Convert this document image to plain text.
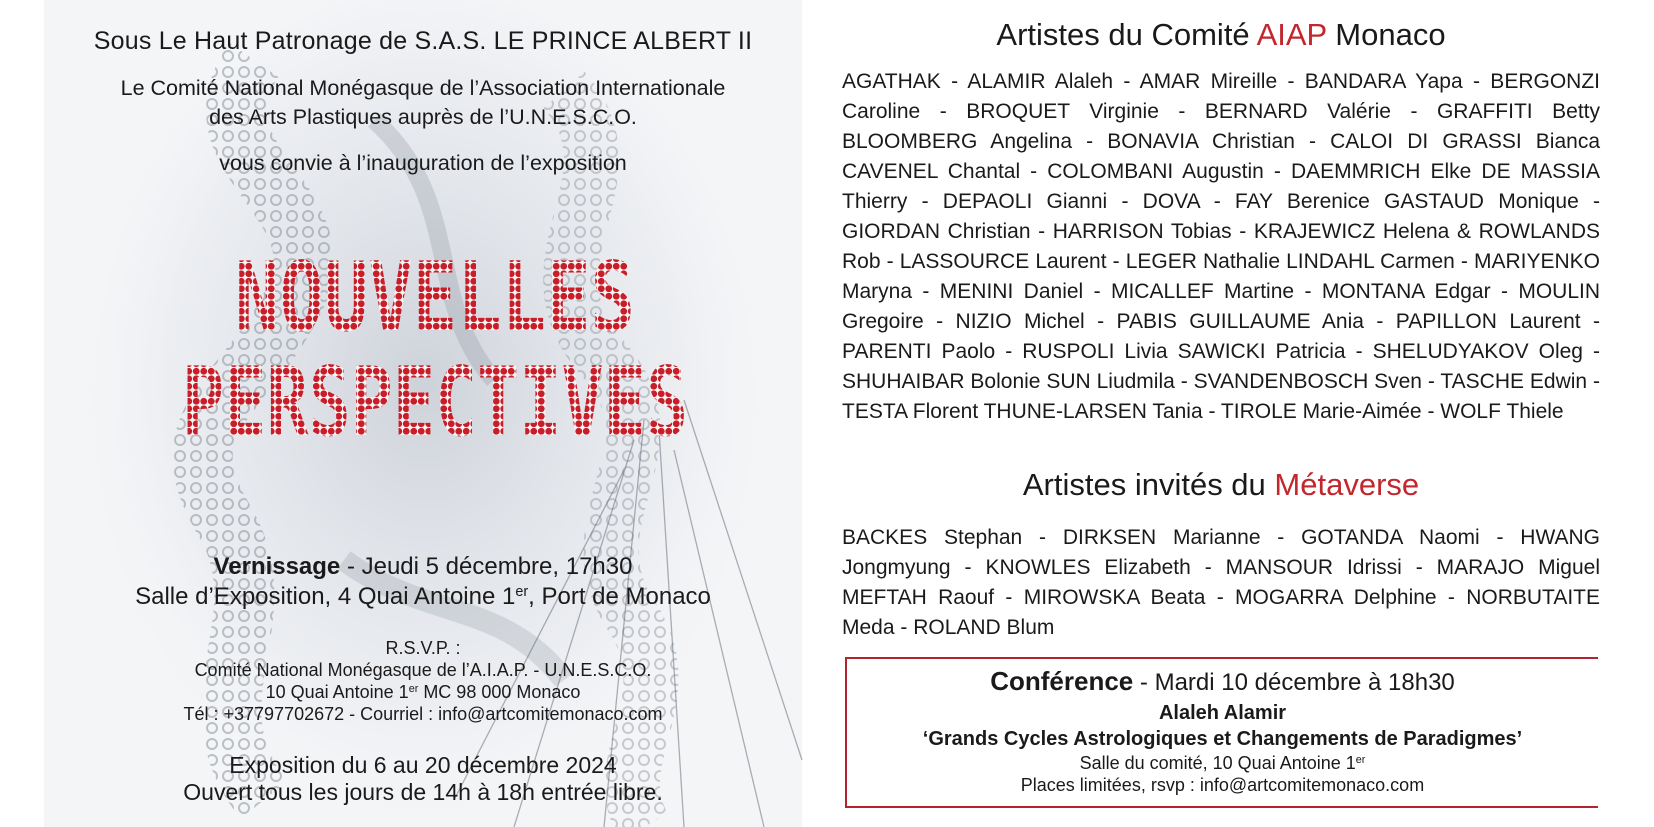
Sous Le Haut Patronage de S.A.S. LE PRINCE ALBERT II
Le Comité National Monégasque de l’Association Internationale
des Arts Plastiques auprès de l’U.N.E.S.C.O.
vous convie à l’inauguration de l’exposition
NOUVELLES
PERSPECTIVES
Vernissage - Jeudi 5 décembre, 17h30
Salle d’Exposition, 4 Quai Antoine 1er, Port de Monaco
R.S.V.P. :
Comité National Monégasque de l’A.I.A.P. - U.N.E.S.C.O.
10 Quai Antoine 1er MC 98 000 Monaco
Tél : +37797702672 - Courriel : info@artcomitemonaco.com
Exposition du 6 au 20 décembre 2024
Ouvert tous les jours de 14h à 18h entrée libre.
Artistes du Comité AIAP Monaco
AGATHAK - ALAMIR Alaleh - AMAR Mireille - BANDARA Yapa - BERGONZI Caroline - BROQUET Virginie - BERNARD Valérie - GRAFFITI Betty BLOOMBERG Angelina - BONAVIA Christian - CALOI DI GRASSI Bianca CAVENEL Chantal - COLOMBANI Augustin - DAEMMRICH Elke DE MASSIA Thierry - DEPAOLI Gianni - DOVA - FAY Berenice GASTAUD Monique - GIORDAN Christian - HARRISON Tobias - KRAJEWICZ Helena & ROWLANDS Rob - LASSOURCE Laurent - LEGER Nathalie LINDAHL Carmen - MARIYENKO Maryna - MENINI Daniel - MICALLEF Martine - MONTANA Edgar - MOULIN Gregoire - NIZIO Michel - PABIS GUILLAUME Ania - PAPILLON Laurent - PARENTI Paolo - RUSPOLI Livia SAWICKI Patricia - SHELUDYAKOV Oleg - SHUHAIBAR Bolonie SUN Liudmila - SVANDENBOSCH Sven - TASCHE Edwin - TESTA Florent THUNE-LARSEN Tania - TIROLE Marie-Aimée - WOLF Thiele
Artistes invités du Métaverse
BACKES Stephan - DIRKSEN Marianne - GOTANDA Naomi - HWANG Jongmyung - KNOWLES Elizabeth - MANSOUR Idrissi - MARAJO Miguel MEFTAH Raouf - MIROWSKA Beata - MOGARRA Delphine - NORBUTAITE Meda - ROLAND Blum
Conférence - Mardi 10 décembre à 18h30
Alaleh Alamir
‘Grands Cycles Astrologiques et Changements de Paradigmes’
Salle du comité, 10 Quai Antoine 1er
Places limitées, rsvp : info@artcomitemonaco.com
